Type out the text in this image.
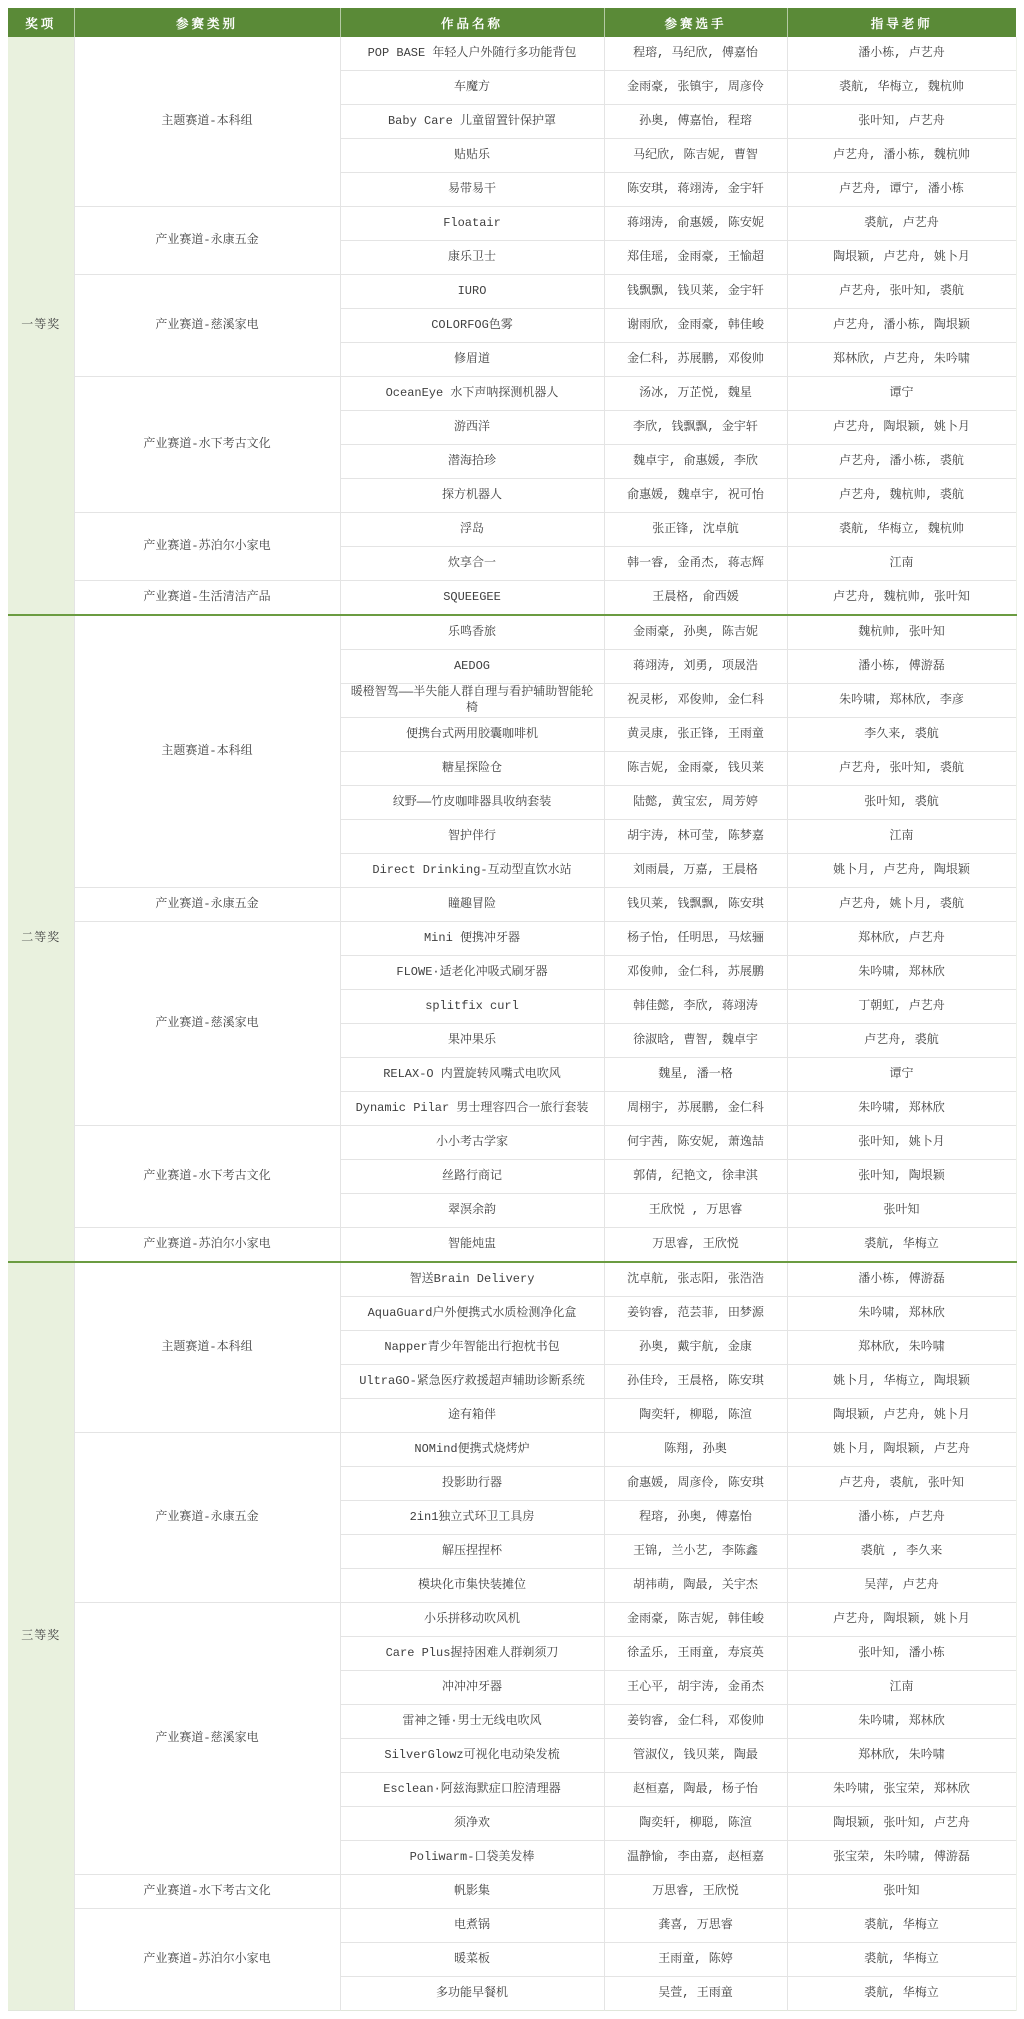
奖项	参赛类别	作品名称	参赛选手	指导老师
一等奖	主题赛道-本科组	POP BASE 年轻人户外随行多功能背包	程瑢, 马纪欣, 傅嘉怡	潘小栋, 卢艺舟
		车魔方	金雨豪, 张镇宇, 周彦伶	裘航, 华梅立, 魏杭帅
		Baby Care 儿童留置针保护罩	孙奥, 傅嘉怡, 程瑢	张叶知, 卢艺舟
		贴贴乐	马纪欣, 陈吉妮, 曹智	卢艺舟, 潘小栋, 魏杭帅
		易带易干	陈安琪, 蒋翊涛, 金宇轩	卢艺舟, 谭宁, 潘小栋
	产业赛道-永康五金	Floatair	蒋翊涛, 俞惠媛, 陈安妮	裘航, 卢艺舟
		康乐卫士	郑佳瑶, 金雨豪, 王愉超	陶垠颖, 卢艺舟, 姚卜月
	产业赛道-慈溪家电	IURO	钱飘飘, 钱贝莱, 金宇轩	卢艺舟, 张叶知, 裘航
		COLORFOG色雾	谢雨欣, 金雨豪, 韩佳峻	卢艺舟, 潘小栋, 陶垠颖
		修眉道	金仁科, 苏展鹏, 邓俊帅	郑林欣, 卢艺舟, 朱吟啸
	产业赛道-水下考古文化	OceanEye 水下声呐探测机器人	汤冰, 万芷悦, 魏星	谭宁
		游西洋	李欣, 钱飘飘, 金宇轩	卢艺舟, 陶垠颖, 姚卜月
		潜海拾珍	魏卓宇, 俞惠媛, 李欣	卢艺舟, 潘小栋, 裘航
		探方机器人	俞惠媛, 魏卓宇, 祝可怡	卢艺舟, 魏杭帅, 裘航
	产业赛道-苏泊尔小家电	浮岛	张正锋, 沈卓航	裘航, 华梅立, 魏杭帅
		炊享合一	韩一睿, 金甬杰, 蒋志辉	江南
	产业赛道-生活清洁产品	SQUEEGEE	王晨格, 俞西媛	卢艺舟, 魏杭帅, 张叶知
二等奖	主题赛道-本科组	乐鸣香旅	金雨豪, 孙奥, 陈吉妮	魏杭帅, 张叶知
		AEDOG	蒋翊涛, 刘勇, 项晟浩	潘小栋, 傅游磊
		暖橙智驾——半失能人群自理与看护辅助智能轮椅	祝灵彬, 邓俊帅, 金仁科	朱吟啸, 郑林欣, 李彦
		便携台式两用胶囊咖啡机	黄灵康, 张正锋, 王雨童	李久来, 裘航
		糖星探险仓	陈吉妮, 金雨豪, 钱贝莱	卢艺舟, 张叶知, 裘航
		纹野——竹皮咖啡器具收纳套装	陆懿, 黄宝宏, 周芳婷	张叶知, 裘航
		智护伴行	胡宇涛, 林可莹, 陈梦嘉	江南
		Direct Drinking-互动型直饮水站	刘雨晨, 万嘉, 王晨格	姚卜月, 卢艺舟, 陶垠颖
	产业赛道-永康五金	瞳趣冒险	钱贝莱, 钱飘飘, 陈安琪	卢艺舟, 姚卜月, 裘航
	产业赛道-慈溪家电	Mini 便携冲牙器	杨子怡, 任明思, 马炫骊	郑林欣, 卢艺舟
		FLOWE·适老化冲吸式刷牙器	邓俊帅, 金仁科, 苏展鹏	朱吟啸, 郑林欣
		splitfix curl	韩佳懿, 李欣, 蒋翊涛	丁朝虹, 卢艺舟
		果冲果乐	徐淑晗, 曹智, 魏卓宇	卢艺舟, 裘航
		RELAX-O 内置旋转风嘴式电吹风	魏星, 潘一格	谭宁
		Dynamic Pilar 男士理容四合一旅行套装	周栩宇, 苏展鹏, 金仁科	朱吟啸, 郑林欣
	产业赛道-水下考古文化	小小考古学家	何宇茜, 陈安妮, 萧逸喆	张叶知, 姚卜月
		丝路行商记	郭倩, 纪艳文, 徐聿淇	张叶知, 陶垠颖
		翠溟余韵	王欣悦 , 万思睿	张叶知
	产业赛道-苏泊尔小家电	智能炖盅	万思睿, 王欣悦	裘航, 华梅立
三等奖	主题赛道-本科组	智送Brain Delivery	沈卓航, 张志阳, 张浩浩	潘小栋, 傅游磊
		AquaGuard户外便携式水质检测净化盒	姜钧睿, 范芸菲, 田梦源	朱吟啸, 郑林欣
		Napper青少年智能出行抱枕书包	孙奥, 戴宇航, 金康	郑林欣, 朱吟啸
		UltraGO-紧急医疗救援超声辅助诊断系统	孙佳玲, 王晨格, 陈安琪	姚卜月, 华梅立, 陶垠颖
		途有箱伴	陶奕轩, 柳聪, 陈渲	陶垠颖, 卢艺舟, 姚卜月
	产业赛道-永康五金	NOMind便携式烧烤炉	陈翔, 孙奥	姚卜月, 陶垠颖, 卢艺舟
		投影助行器	俞惠媛, 周彦伶, 陈安琪	卢艺舟, 裘航, 张叶知
		2in1独立式环卫工具房	程瑢, 孙奥, 傅嘉怡	潘小栋, 卢艺舟
		解压捏捏杯	王锦, 兰小艺, 李陈鑫	裘航 , 李久来
		模块化市集快装摊位	胡祎萌, 陶最, 关宇杰	吴萍, 卢艺舟
	产业赛道-慈溪家电	小乐拼移动吹风机	金雨豪, 陈吉妮, 韩佳峻	卢艺舟, 陶垠颖, 姚卜月
		Care Plus握持困难人群剃须刀	徐孟乐, 王雨童, 寿宸英	张叶知, 潘小栋
		冲冲冲牙器	王心平, 胡宇涛, 金甬杰	江南
		雷神之锤·男士无线电吹风	姜钧睿, 金仁科, 邓俊帅	朱吟啸, 郑林欣
		SilverGlowz可视化电动染发梳	管淑仪, 钱贝莱, 陶最	郑林欣, 朱吟啸
		Esclean·阿兹海默症口腔清理器	赵桓嘉, 陶最, 杨子怡	朱吟啸, 张宝荣, 郑林欣
		须净欢	陶奕轩, 柳聪, 陈渲	陶垠颖, 张叶知, 卢艺舟
		Poliwarm-口袋美发棒	温静愉, 李由嘉, 赵桓嘉	张宝荣, 朱吟啸, 傅游磊
	产业赛道-水下考古文化	帆影集	万思睿, 王欣悦	张叶知
	产业赛道-苏泊尔小家电	电煮锅	龚喜, 万思睿	裘航, 华梅立
		暖菜板	王雨童, 陈婷	裘航, 华梅立
		多功能早餐机	吴萱, 王雨童	裘航, 华梅立
